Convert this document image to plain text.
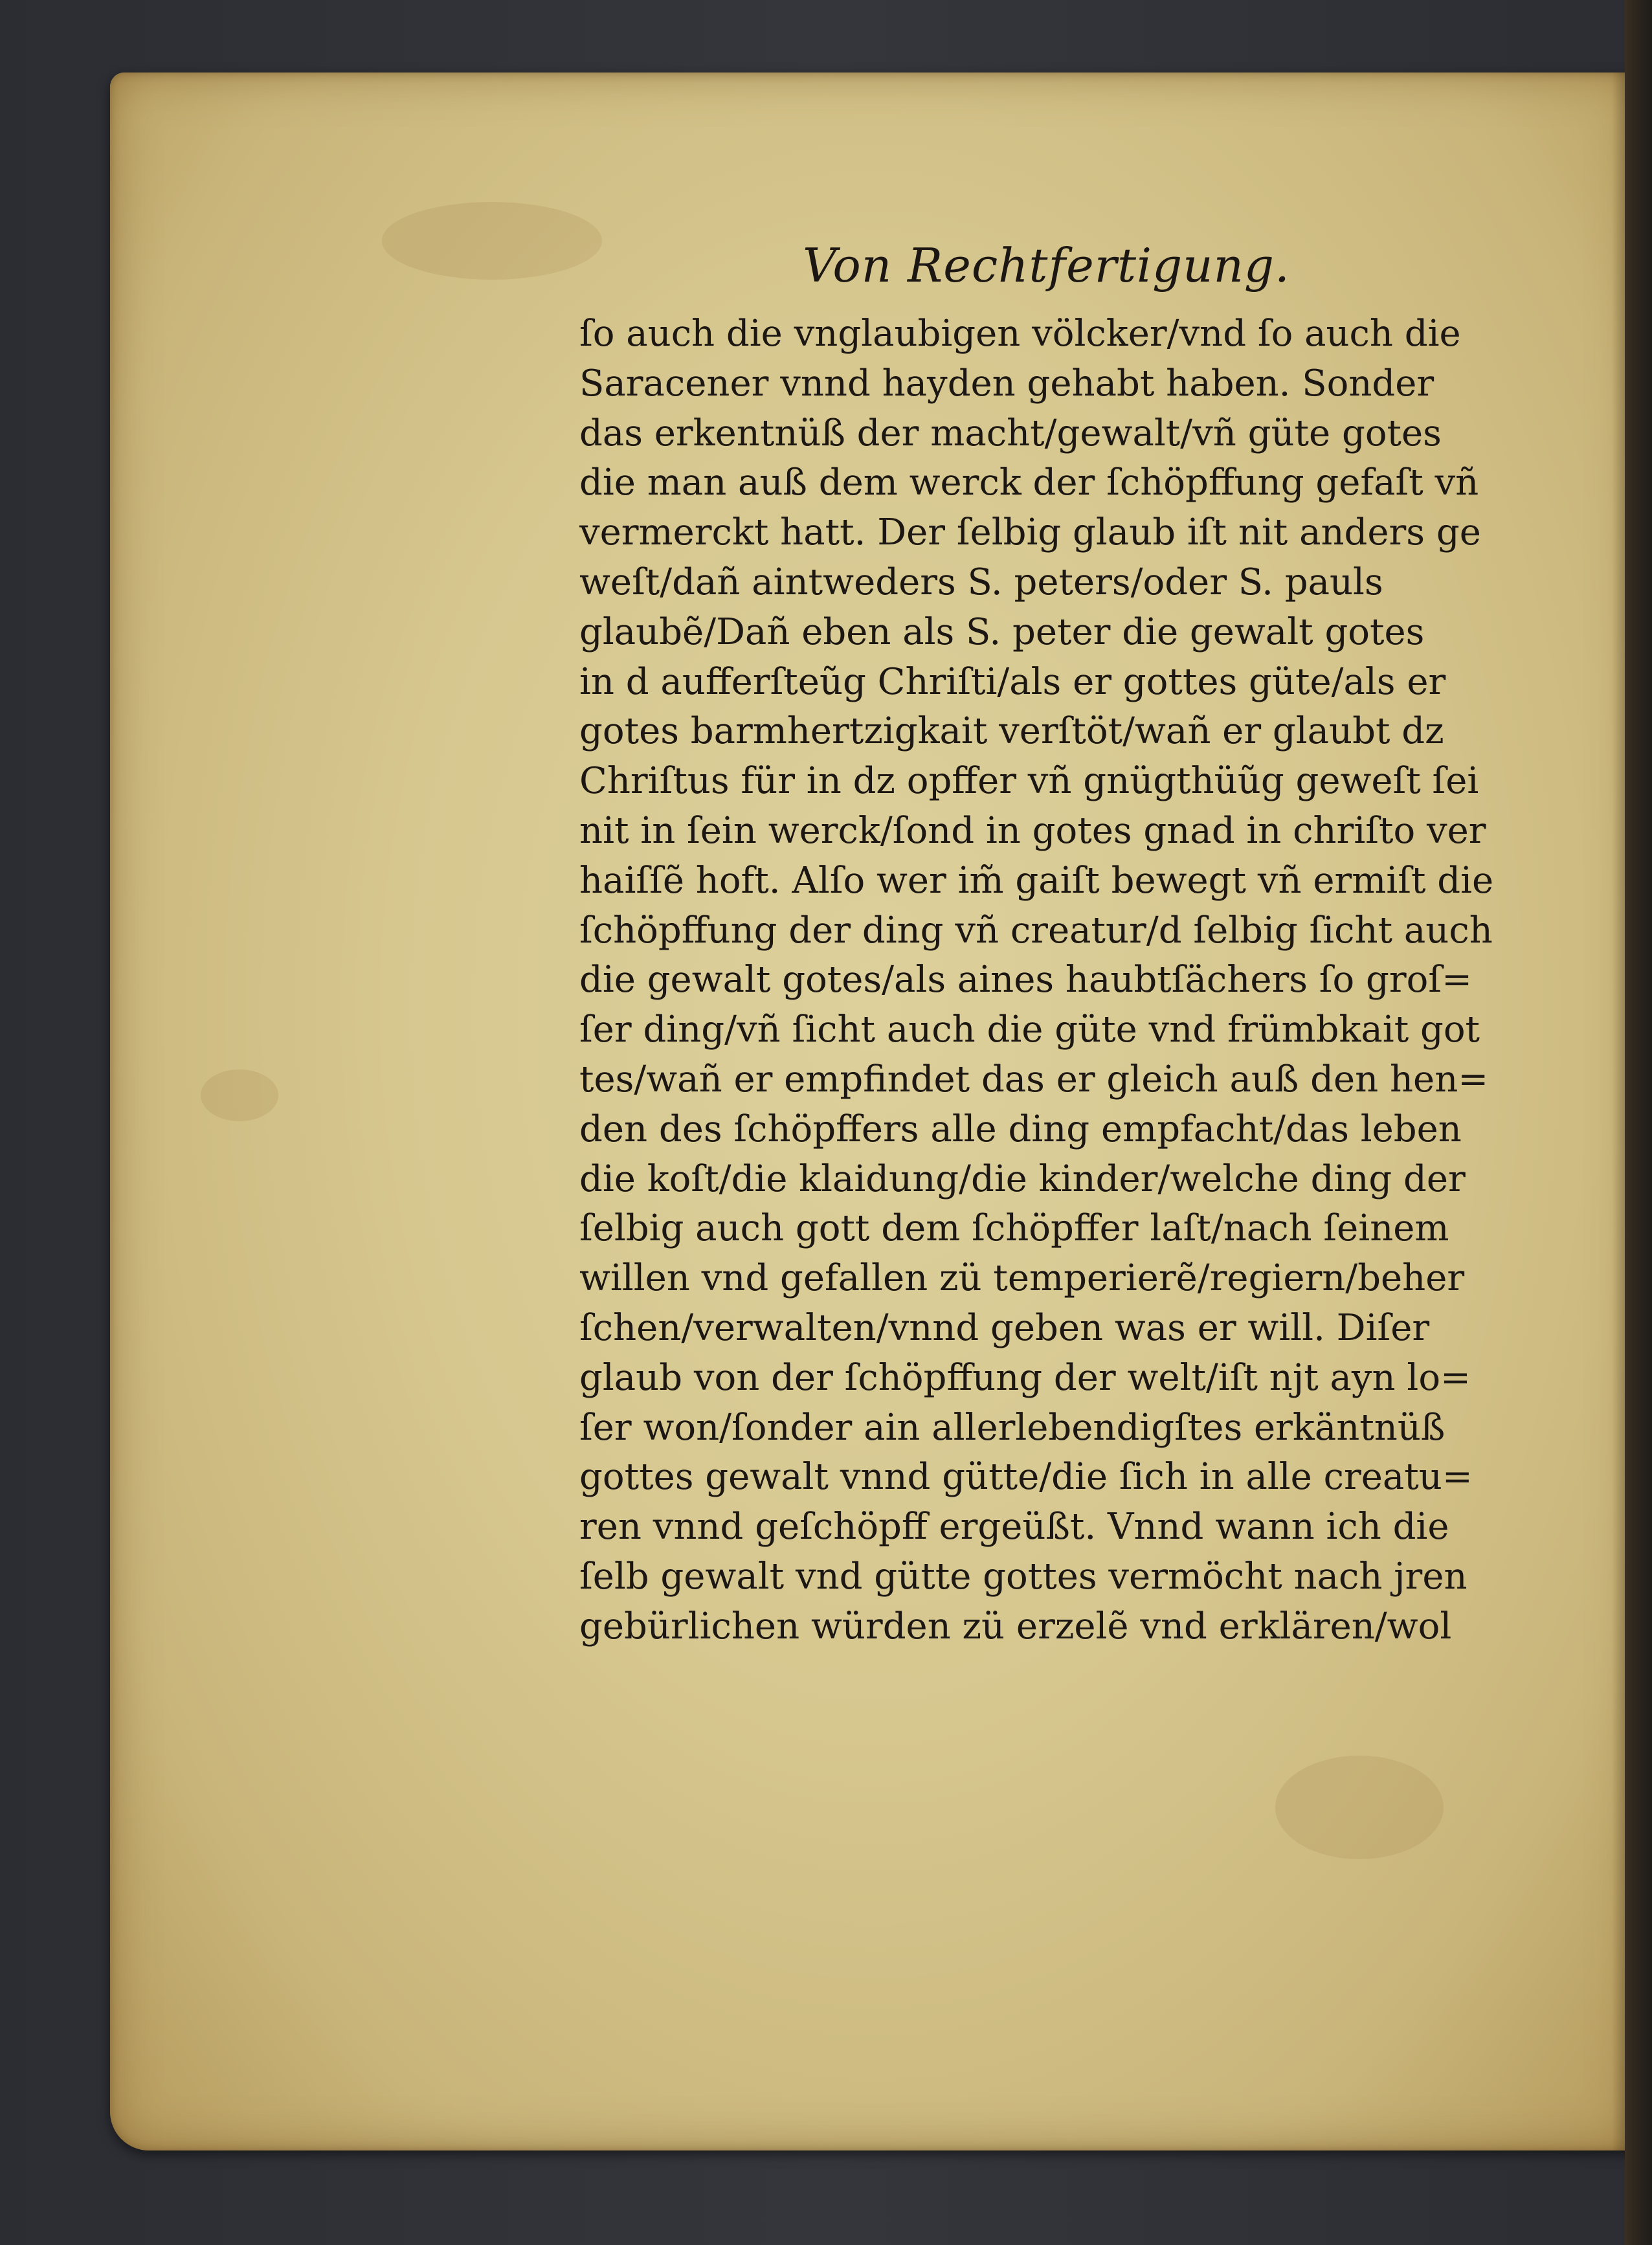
Von Rechtfertigung.
ſo auch die vnglaubigen völcker/vnd ſo auch die
Saracener vnnd hayden gehabt haben. Sonder
das erkentnüß der macht/gewalt/vñ güte gotes
die man auß dem werck der ſchöpffung gefaſt vñ
vermerckt hatt. Der ſelbig glaub iſt nit anders ge
weſt/dañ aintweders S. peters/oder S. pauls
glaubẽ/Dañ eben als S. peter die gewalt gotes
in d aufferſteũg Chriſti/als er gottes güte/als er
gotes barmhertzigkait verſtöt/wañ er glaubt dz
Chriſtus für in dz opffer vñ gnügthüũg geweſt ſei
nit in ſein werck/ſond in gotes gnad in chriſto ver
haiſſẽ hoft. Alſo wer im̃ gaiſt bewegt vñ ermiſt die
ſchöpffung der ding vñ creatur/d ſelbig ſicht auch
die gewalt gotes/als aines haubtſächers ſo groſ=
ſer ding/vñ ſicht auch die güte vnd frümbkait got
tes/wañ er empfindet das er gleich auß den hen=
den des ſchöpffers alle ding empfacht/das leben
die koſt/die klaidung/die kinder/welche ding der
ſelbig auch gott dem ſchöpffer laſt/nach ſeinem
willen vnd gefallen zü temperierẽ/regiern/beher
ſchen/verwalten/vnnd geben was er will. Diſer
glaub von der ſchöpffung der welt/iſt njt ayn lo=
ſer won/ſonder ain allerlebendigſtes erkäntnüß
gottes gewalt vnnd gütte/die ſich in alle creatu=
ren vnnd geſchöpff ergeüßt. Vnnd wann ich die
ſelb gewalt vnd gütte gottes vermöcht nach jren
gebürlichen würden zü erzelẽ vnd erklären/wol
